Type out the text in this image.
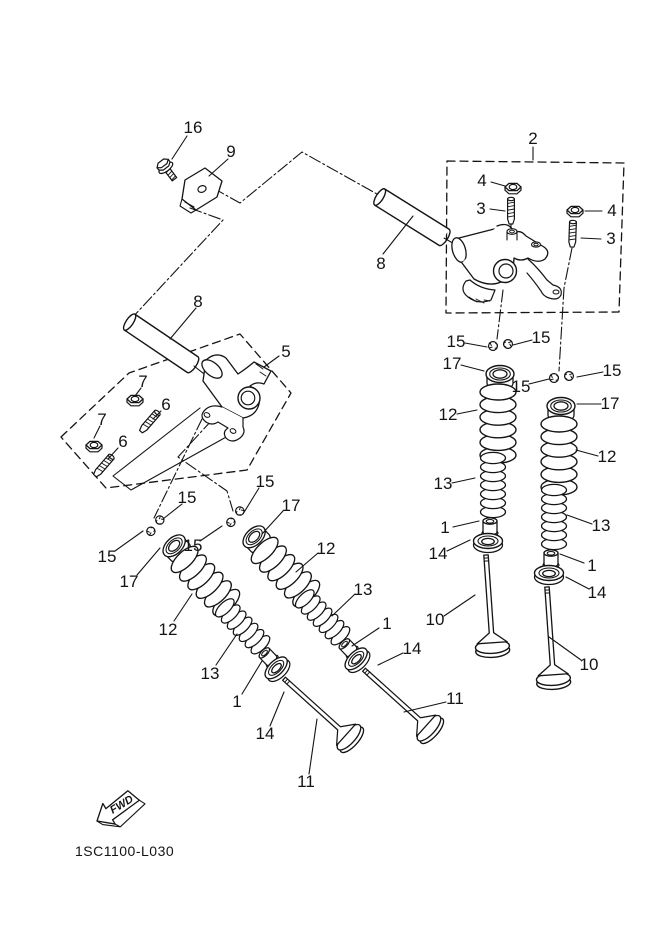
16
9
2
4
3	4
3
8
8
5
7
6
7
6
15
15
17
15
15
17
12
13
12
13
1
14
1
14
11
11
15	15
17
15
15
17
12
12
13
13
1
1
14
14
10
10
FWD
1SC1100-L030
